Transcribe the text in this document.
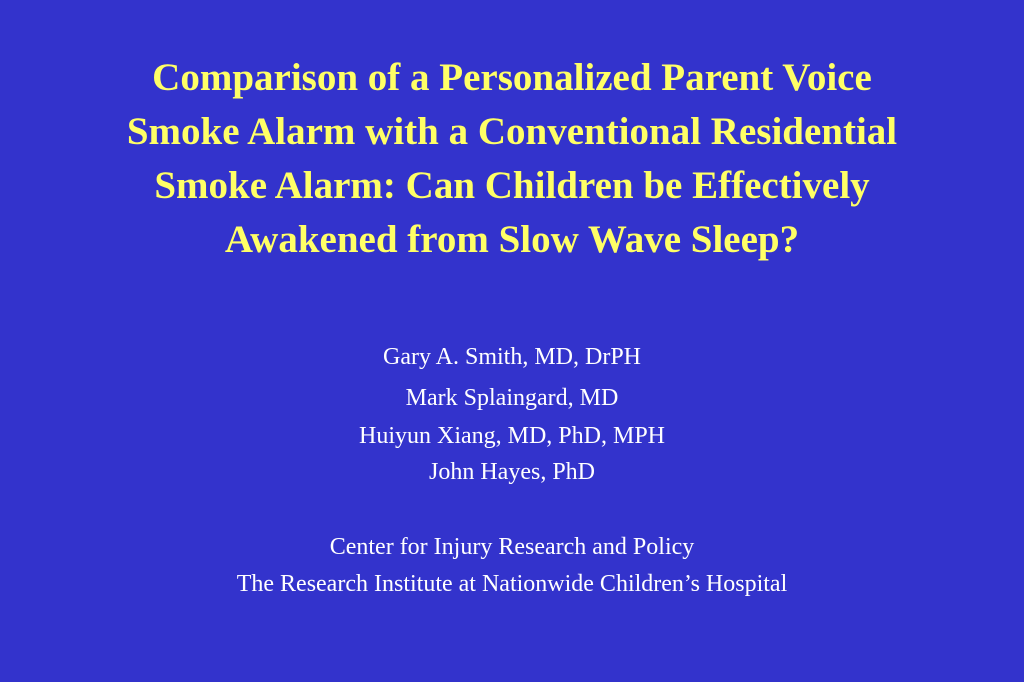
Comparison of a Personalized Parent Voice
Smoke Alarm with a Conventional Residential
Smoke Alarm: Can Children be Effectively
Awakened from Slow Wave Sleep?

Gary A. Smith, MD, DrPH

Mark Splaingard, MD

Huiyun Xiang, MD, PhD, MPH

John Hayes, PhD

Center for Injury Research and Policy

The Research Institute at Nationwide Children’s Hospital
